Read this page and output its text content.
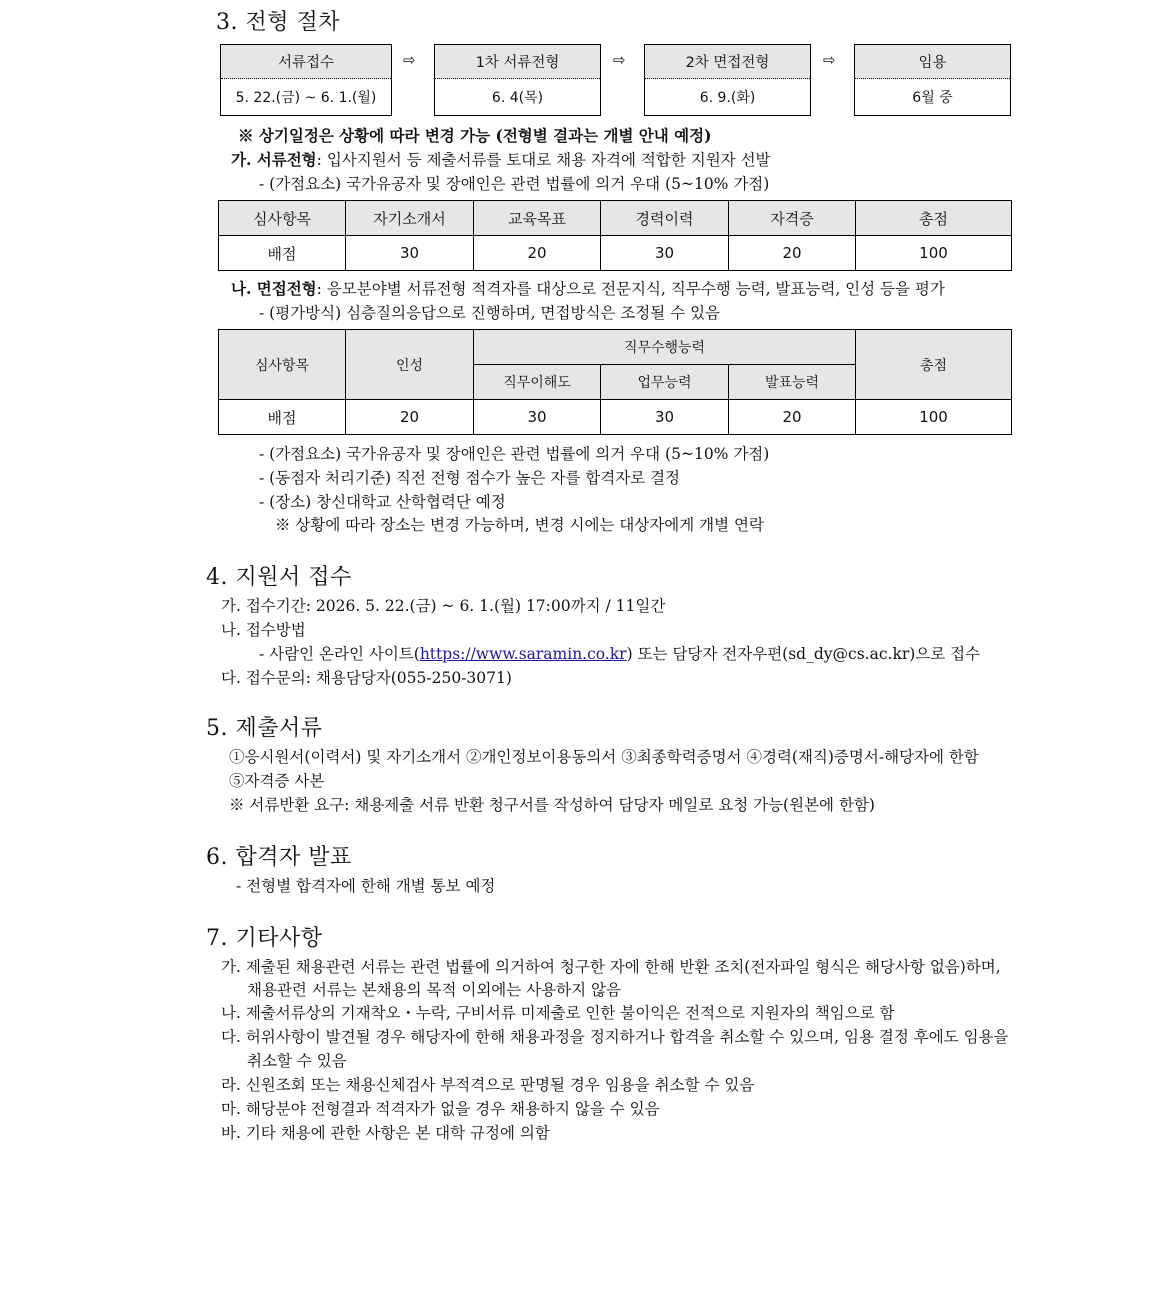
3. 전형 절차
서류접수
5. 22.(금) ~ 6. 1.(월)
⇨	1차 서류전형
6. 4(목)
⇨	2차 면접전형
6. 9.(화)
⇨	임용
6월 중
※ 상기일정은 상황에 따라 변경 가능 (전형별 결과는 개별 안내 예정)
가. 서류전형: 입사지원서 등 제출서류를 토대로 채용 자격에 적합한 지원자 선발
- (가점요소) 국가유공자 및 장애인은 관련 법률에 의거 우대 (5~10% 가점)
심사항목	자기소개서	교육목표	경력이력	자격증	총점
배점	30	20	30	20	100
나. 면접전형: 응모분야별 서류전형 적격자를 대상으로 전문지식, 직무수행 능력, 발표능력, 인성 등을 평가
- (평가방식) 심층질의응답으로 진행하며, 면접방식은 조정될 수 있음
심사항목	인성	직무수행능력			총점
		직무이해도	업무능력	발표능력	
배점	20	30	30	20	100
- (가점요소) 국가유공자 및 장애인은 관련 법률에 의거 우대 (5~10% 가점)
- (동점자 처리기준) 직전 전형 점수가 높은 자를 합격자로 결정
- (장소) 창신대학교 산학협력단 예정
※ 상황에 따라 장소는 변경 가능하며, 변경 시에는 대상자에게 개별 연락
4. 지원서 접수
가. 접수기간: 2026. 5. 22.(금) ~ 6. 1.(월) 17:00까지 / 11일간
나. 접수방법
- 사람인 온라인 사이트(https://www.saramin.co.kr) 또는 담당자 전자우편(sd_dy@cs.ac.kr)으로 접수
다. 접수문의: 채용담당자(055-250-3071)
5. 제출서류
①응시원서(이력서) 및 자기소개서 ②개인정보이용동의서 ③최종학력증명서 ④경력(재직)증명서-해당자에 한함
⑤자격증 사본
※ 서류반환 요구: 채용제출 서류 반환 청구서를 작성하여 담당자 메일로 요청 가능(원본에 한함)
6. 합격자 발표
- 전형별 합격자에 한해 개별 통보 예정
7. 기타사항
가. 제출된 채용관련 서류는 관련 법률에 의거하여 청구한 자에 한해 반환 조치(전자파일 형식은 해당사항 없음)하며,
채용관련 서류는 본채용의 목적 이외에는 사용하지 않음
나. 제출서류상의 기재착오・누락, 구비서류 미제출로 인한 불이익은 전적으로 지원자의 책임으로 함
다. 허위사항이 발견될 경우 해당자에 한해 채용과정을 정지하거나 합격을 취소할 수 있으며, 임용 결정 후에도 임용을
취소할 수 있음
라. 신원조회 또는 채용신체검사 부적격으로 판명될 경우 임용을 취소할 수 있음
마. 해당분야 전형결과 적격자가 없을 경우 채용하지 않을 수 있음
바. 기타 채용에 관한 사항은 본 대학 규정에 의함
